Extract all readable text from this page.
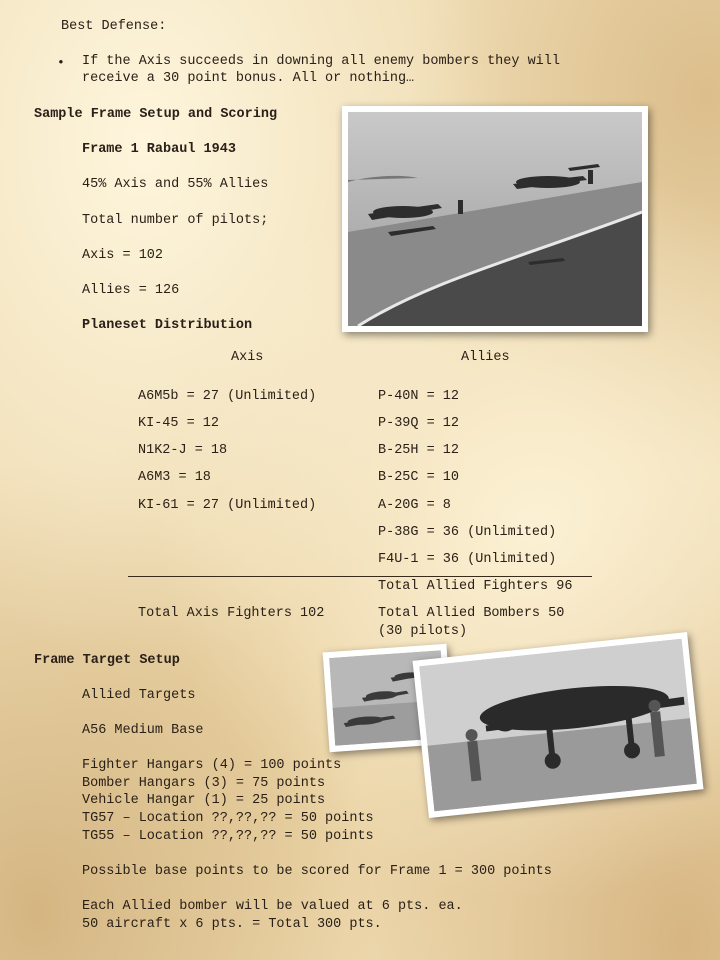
Best Defense:
• If the Axis succeeds in downing all enemy bombers they will
receive a 30 point bonus. All or nothing…
Sample Frame Setup and Scoring
Frame 1 Rabaul 1943
45% Axis and 55% Allies
Total number of pilots;
Axis = 102
Allies = 126
Planeset Distribution
Axis	Allies
A6M5b = 27 (Unlimited)
KI-45 = 12
N1K2-J = 18
A6M3 = 18
KI-61 = 27 (Unlimited)
P-40N = 12
P-39Q = 12
B-25H = 12
B-25C = 10
A-20G = 8
P-38G = 36 (Unlimited)
F4U-1 = 36 (Unlimited)
Total Allied Fighters 96
Total Axis Fighters 102	Total Allied Bombers 50
(30 pilots)
Frame Target Setup
Allied Targets
A56 Medium Base
Fighter Hangars (4) = 100 points
Bomber Hangars (3) = 75 points
Vehicle Hangar (1) = 25 points
TG57 – Location ??,??,?? = 50 points
TG55 – Location ??,??,?? = 50 points
Possible base points to be scored for Frame 1 = 300 points
Each Allied bomber will be valued at 6 pts. ea.
50 aircraft x 6 pts. = Total 300 pts.
